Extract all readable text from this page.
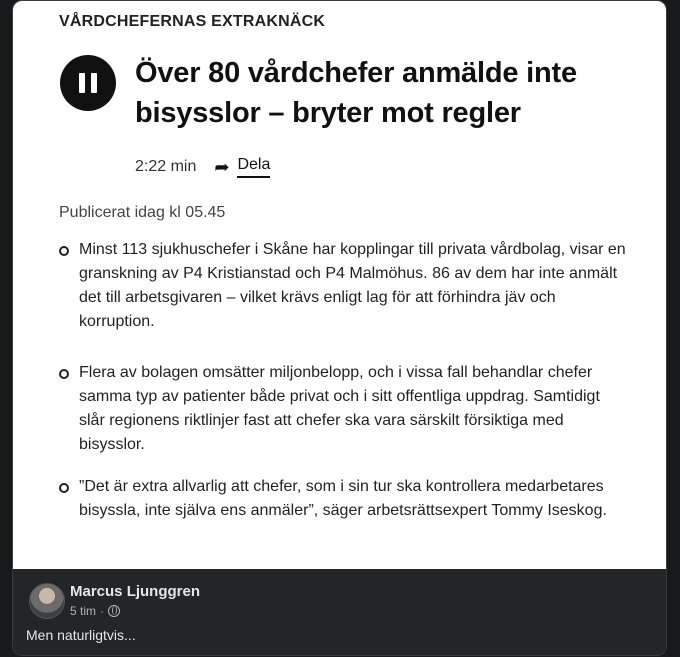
VÅRDCHEFERNAS EXTRAKNÄCK
Över 80 vårdchefer anmälde inte bisysslor – bryter mot regler
2:22 min ➦ Dela
Publicerat idag kl 05.45
Minst 113 sjukhuschefer i Skåne har kopplingar till privata vårdbolag, visar en granskning av P4 Kristianstad och P4 Malmöhus. 86 av dem har inte anmält det till arbetsgivaren – vilket krävs enligt lag för att förhindra jäv och korruption.
Flera av bolagen omsätter miljonbelopp, och i vissa fall behandlar chefer samma typ av patienter både privat och i sitt offentliga uppdrag. Samtidigt slår regionens riktlinjer fast att chefer ska vara särskilt försiktiga med bisysslor.
”Det är extra allvarlig att chefer, som i sin tur ska kontrollera medarbetares bisyssla, inte själva ens anmäler”, säger arbetsrättsexpert Tommy Iseskog.
Marcus Ljunggren
5 tim ·
Men naturligtvis...
